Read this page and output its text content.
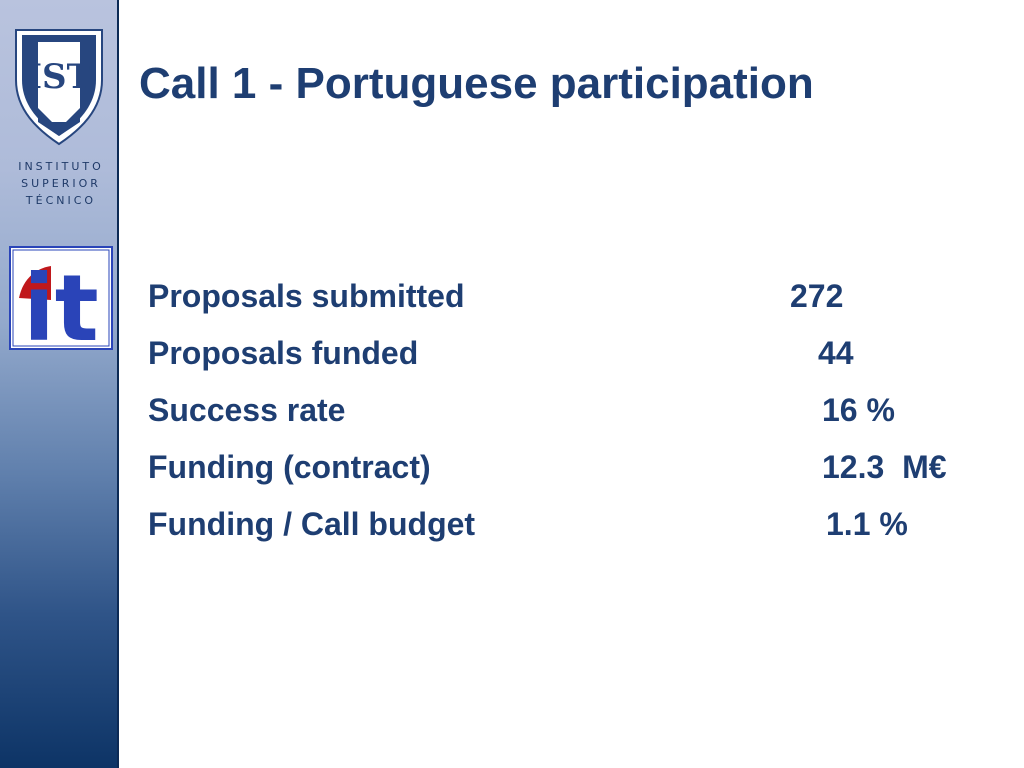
IST
INSTITUTO
SUPERIOR
TÉCNICO
it
Call 1 - Portuguese participation
Proposals submitted	272
Proposals funded	44
Success rate	16 %
Funding (contract)	12.3  M€
Funding / Call budget	1.1 %
